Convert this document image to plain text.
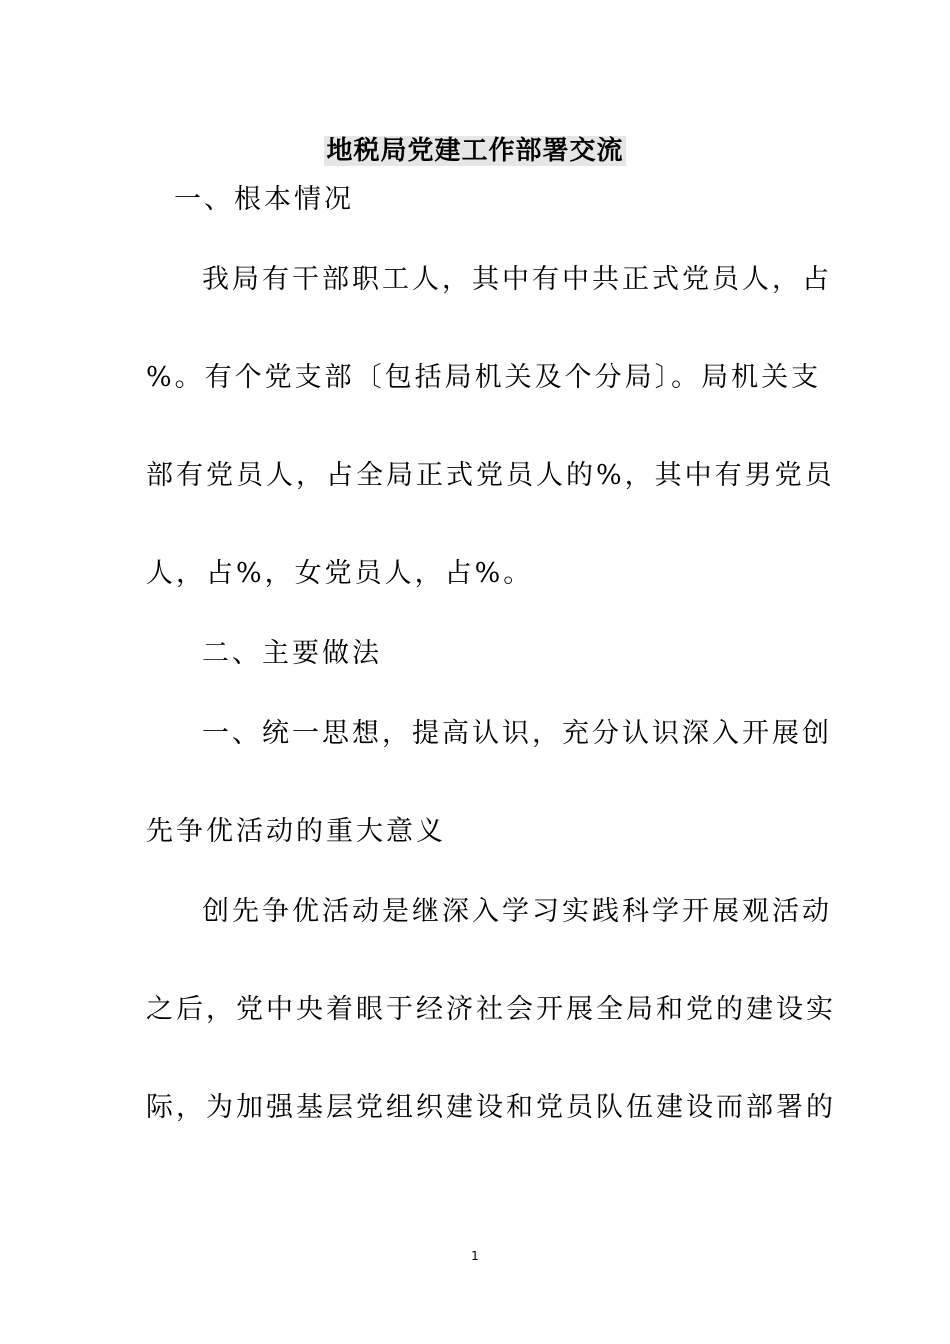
地税局党建工作部署交流
一、根本情况
我局有干部职工人，其中有中共正式党员人，占
%。有个党支部〔包括局机关及个分局〕。局机关支
部有党员人，占全局正式党员人的%，其中有男党员
人，占%，女党员人，占%。
二、主要做法
一、统一思想，提高认识，充分认识深入开展创
先争优活动的重大意义
创先争优活动是继深入学习实践科学开展观活动
之后，党中央着眼于经济社会开展全局和党的建设实
际，为加强基层党组织建设和党员队伍建设而部署的
1
